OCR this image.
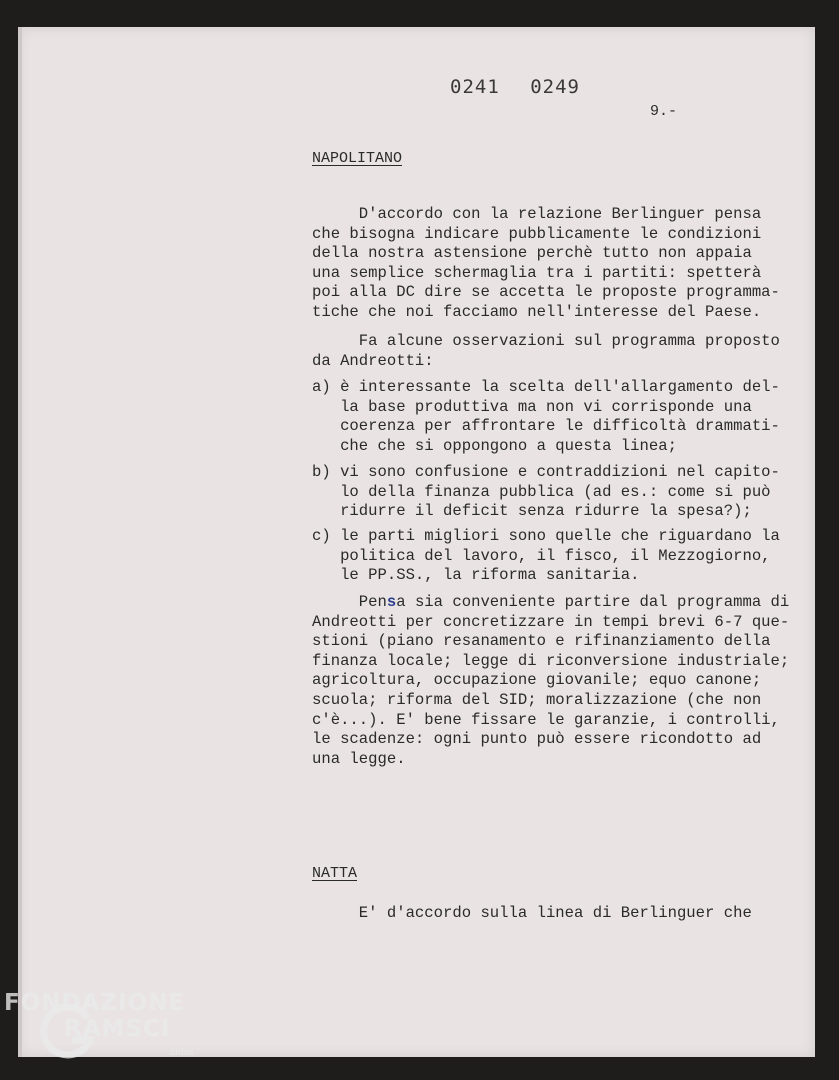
0241 0249
9.-
NAPOLITANO
D'accordo con la relazione Berlinguer pensa
che bisogna indicare pubblicamente le condizioni
della nostra astensione perchè tutto non appaia
una semplice schermaglia tra i partiti: spetterà
poi alla DC dire se accetta le proposte programma-
tiche che noi facciamo nell'interesse del Paese.
Fa alcune osservazioni sul programma proposto
da Andreotti:
a) è interessante la scelta dell'allargamento del-
la base produttiva ma non vi corrisponde una
coerenza per affrontare le difficoltà drammati-
che che si oppongono a questa linea;
b) vi sono confusione e contraddizioni nel capito-
lo della finanza pubblica (ad es.: come si può
ridurre il deficit senza ridurre la spesa?);
c) le parti migliori sono quelle che riguardano la
politica del lavoro, il fisco, il Mezzogiorno,
le PP.SS., la riforma sanitaria.
Pensa sia conveniente partire dal programma di
Andreotti per concretizzare in tempi brevi 6-7 que-
stioni (piano resanamento e rifinanziamento della
finanza locale; legge di riconversione industriale;
agricoltura, occupazione giovanile; equo canone;
scuola; riforma del SID; moralizzazione (che non
c'è...). E' bene fissare le garanzie, i controlli,
le scadenze: ogni punto può essere ricondotto ad
una legge.
NATTA
E' d'accordo sulla linea di Berlinguer che
FONDAZIONE
RAMSCI
onlus
